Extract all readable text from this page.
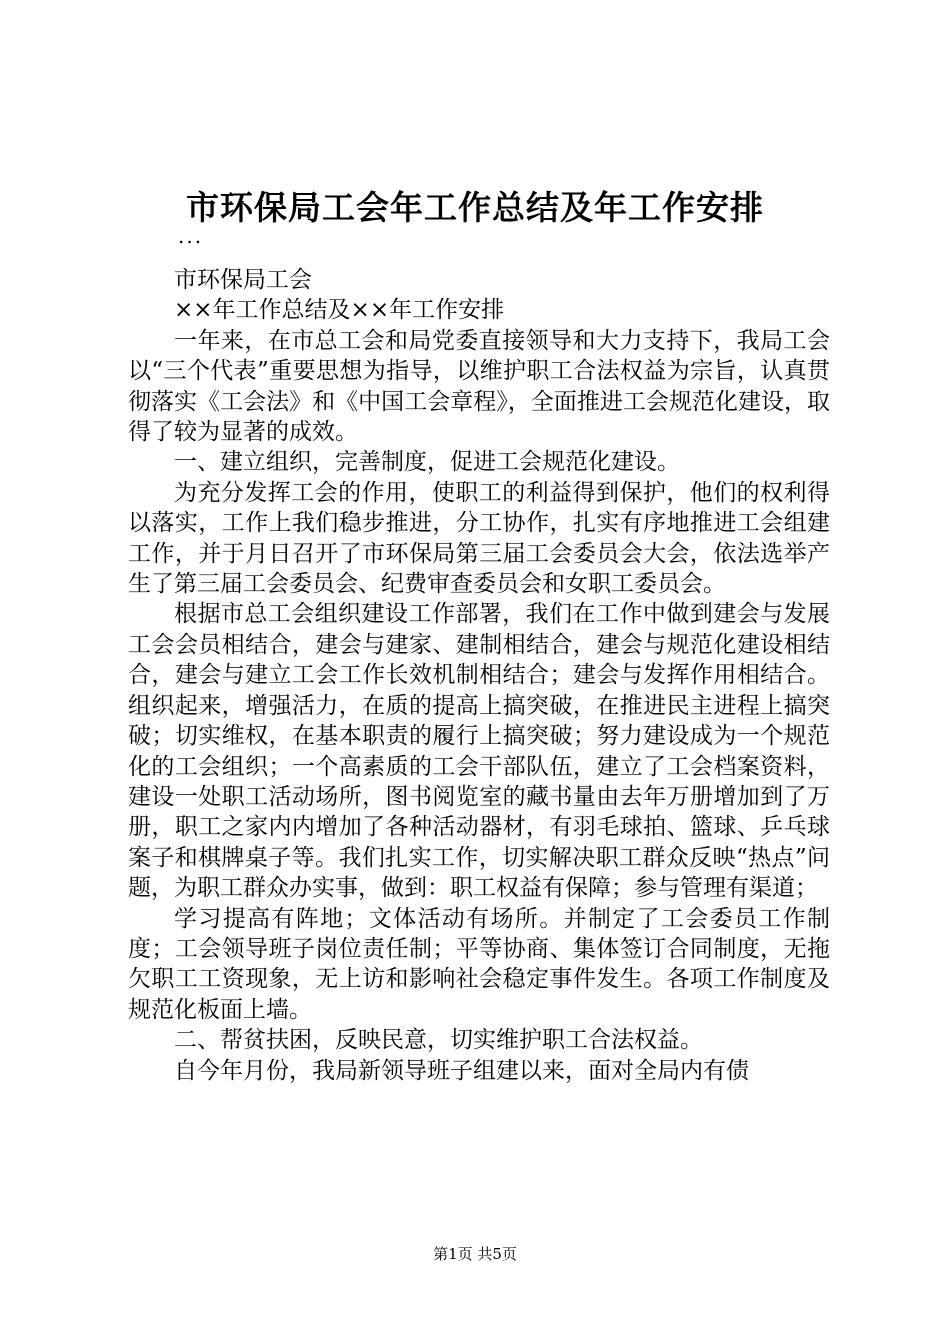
市环保局工会年工作总结及年工作安排
...

市环保局工会

××年工作总结及××年工作安排

一年来，在市总工会和局党委直接领导和大力支持下，我局工会以“三个代表”重要思想为指导，以维护职工合法权益为宗旨，认真贯彻落实《工会法》和《中国工会章程》，全面推进工会规范化建设，取得了较为显著的成效。

一、建立组织，完善制度，促进工会规范化建设。

为充分发挥工会的作用，使职工的利益得到保护，他们的权利得以落实，工作上我们稳步推进，分工协作，扎实有序地推进工会组建工作，并于月日召开了市环保局第三届工会委员会大会，依法选举产生了第三届工会委员会、纪费审查委员会和女职工委员会。

根据市总工会组织建设工作部署，我们在工作中做到建会与发展工会会员相结合，建会与建家、建制相结合，建会与规范化建设相结合，建会与建立工会工作长效机制相结合；建会与发挥作用相结合。组织起来，增强活力，在质的提高上搞突破，在推进民主进程上搞突破；切实维权，在基本职责的履行上搞突破；努力建设成为一个规范化的工会组织；一个高素质的工会干部队伍，建立了工会档案资料，建设一处职工活动场所，图书阅览室的藏书量由去年万册增加到了万册，职工之家内内增加了各种活动器材，有羽毛球拍、篮球、乒乓球案子和棋牌桌子等。我们扎实工作，切实解决职工群众反映“热点”问题，为职工群众办实事，做到：职工权益有保障；参与管理有渠道；

学习提高有阵地；文体活动有场所。并制定了工会委员工作制度；工会领导班子岗位责任制；平等协商、集体签订合同制度，无拖欠职工工资现象，无上访和影响社会稳定事件发生。各项工作制度及规范化板面上墙。

二、帮贫扶困，反映民意，切实维护职工合法权益。

自今年月份，我局新领导班子组建以来，面对全局内有债

第1页 共5页
